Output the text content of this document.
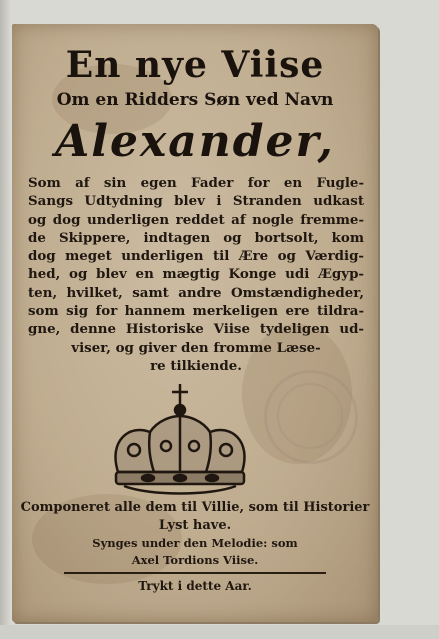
En nye Viise
Om en Ridders Søn ved Navn
Alexander,
Som af sin egen Fader for en Fugle-
Sangs Udtydning blev i Stranden udkast
og dog underligen reddet af nogle fremme-
de Skippere, indtagen og bortsolt, kom
dog meget underligen til Ære og Værdig-
hed, og blev en mægtig Konge udi Ægyp-
ten, hvilket, samt andre Omstændigheder,
som sig for hannem merkeligen ere tildra-
gne, denne Historiske Viise tydeligen ud-
viser, og giver den fromme Læse-
re tilkiende.
Componeret alle dem til Villie, som til Historier
Lyst have.
Synges under den Melodie: som
Axel Tordions Viise.
Trykt i dette Aar.
